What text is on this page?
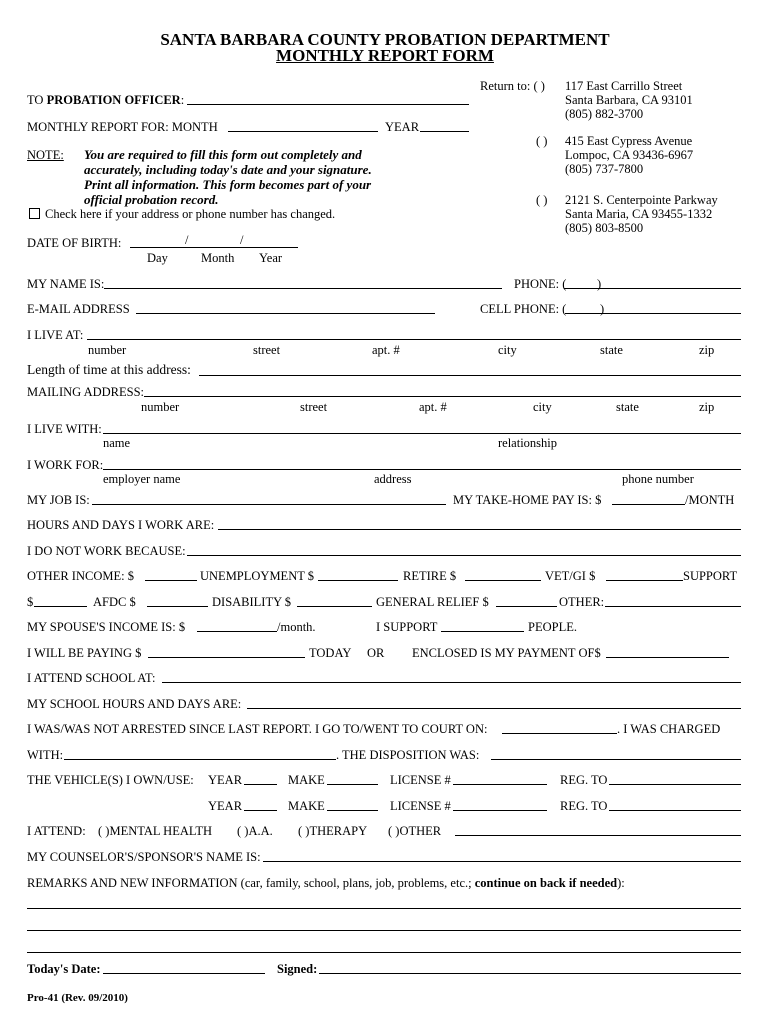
SANTA BARBARA COUNTY PROBATION DEPARTMENT
MONTHLY REPORT FORM
Return to: ( ) 117 East Carrillo Street
Santa Barbara, CA 93101
(805) 882-3700
( ) 415 East Cypress Avenue
Lompoc, CA 93436-6967
(805) 737-7800
( ) 2121 S. Centerpointe Parkway
Santa Maria, CA 93455-1332
(805) 803-8500
TO PROBATION OFFICER:
MONTHLY REPORT FOR: MONTH	YEAR
NOTE: You are required to fill this form out completely and
accurately, including today's date and your signature.
Print all information. This form becomes part of your
official probation record.
Check here if your address or phone number has changed.
DATE OF BIRTH:	/	/
Day	Month Year
MY NAME IS:	PHONE: ( )
E-MAIL ADDRESS	CELL PHONE: (	)
I LIVE AT:
number	street	apt. #	city	state	zip
Length of time at this address:
MAILING ADDRESS:
number	street	apt. #	city	state	zip
I LIVE WITH:
name	relationship
I WORK FOR:
employer name	address	phone number
MY JOB IS:	MY TAKE-HOME PAY IS: $	/MONTH
HOURS AND DAYS I WORK ARE:
I DO NOT WORK BECAUSE:
OTHER INCOME: $	UNEMPLOYMENT $	RETIRE $	VET/GI $	SUPPORT
$	AFDC $	DISABILITY $	GENERAL RELIEF $	OTHER:
MY SPOUSE'S INCOME IS: $	/month.	I SUPPORT	PEOPLE.
I WILL BE PAYING $	TODAY OR ENCLOSED IS MY PAYMENT OF$
I ATTEND SCHOOL AT:
MY SCHOOL HOURS AND DAYS ARE:
I WAS/WAS NOT ARRESTED SINCE LAST REPORT. I GO TO/WENT TO COURT ON:	. I WAS CHARGED
WITH:	. THE DISPOSITION WAS:
THE VEHICLE(S) I OWN/USE: YEAR	MAKE	LICENSE #	REG. TO
YEAR	MAKE	LICENSE #	REG. TO
I ATTEND: ( )MENTAL HEALTH ( )A.A. ( )THERAPY ( )OTHER
MY COUNSELOR'S/SPONSOR'S NAME IS:
REMARKS AND NEW INFORMATION (car, family, school, plans, job, problems, etc.; continue on back if needed):
Today's Date:	Signed:
Pro-41 (Rev. 09/2010)
